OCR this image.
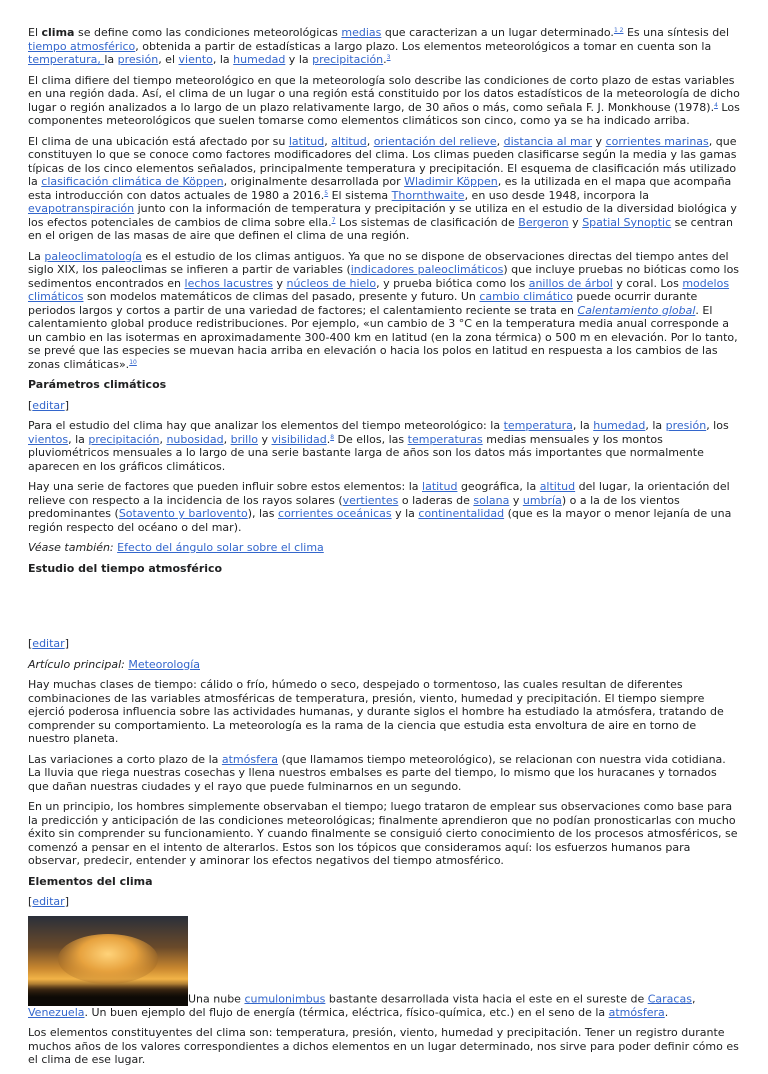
El clima se define como las condiciones meteorológicas medias que caracterizan a un lugar determinado.$^{1 2}$ Es una síntesis del tiempo atmosférico, obtenida a partir de estadísticas a largo plazo. Los elementos meteorológicos a tomar en cuenta son la temperatura, la presión, el viento, la humedad y la precipitación.$^3$

El clima difiere del tiempo meteorológico en que la meteorología solo describe las condiciones de corto plazo de estas variables en una región dada. Así, el clima de un lugar o una región está constituido por los datos estadísticos de la meteorología de dicho lugar o región analizados a lo largo de un plazo relativamente largo, de 30 años o más, como señala F. J. Monkhouse (1978).$^4$ Los componentes meteorológicos que suelen tomarse como elementos climáticos son cinco, como ya se ha indicado arriba.

El clima de una ubicación está afectado por su latitud, altitud, orientación del relieve, distancia al mar y corrientes marinas, que constituyen lo que se conoce como factores modificadores del clima. Los climas pueden clasificarse según la media y las gamas típicas de los cinco elementos señalados, principalmente temperatura y precipitación. El esquema de clasificación más utilizado la clasificación climática de Köppen, originalmente desarrollada por Wladimir Köppen, es la utilizada en el mapa que acompaña esta introducción con datos actuales de 1980 a 2016.$^5$ El sistema Thornthwaite, en uso desde 1948, incorpora la evapotranspiración junto con la información de temperatura y precipitación y se utiliza en el estudio de la diversidad biológica y los efectos potenciales de cambios de clima sobre ella.$^7$ Los sistemas de clasificación de Bergeron y Spatial Synoptic se centran en el origen de las masas de aire que definen el clima de una región.

La paleoclimatología es el estudio de los climas antiguos. Ya que no se dispone de observaciones directas del tiempo antes del siglo XIX, los paleoclimas se infieren a partir de variables (indicadores paleoclimáticos) que incluye pruebas no bióticas como los sedimentos encontrados en lechos lacustres y núcleos de hielo, y prueba biótica como los anillos de árbol y coral. Los modelos climáticos son modelos matemáticos de climas del pasado, presente y futuro. Un cambio climático puede ocurrir durante periodos largos y cortos a partir de una variedad de factores; el calentamiento reciente se trata en Calentamiento global. El calentamiento global produce redistribuciones. Por ejemplo, «un cambio de 3 °C en la temperatura media anual corresponde a un cambio en las isotermas en aproximadamente 300-400 km en latitud (en la zona térmica) o 500 m en elevación. Por lo tanto, se prevé que las especies se muevan hacia arriba en elevación o hacia los polos en latitud en respuesta a los cambios de las zonas climáticas».$^{10}$

Parámetros climáticos
[editar]

Para el estudio del clima hay que analizar los elementos del tiempo meteorológico: la temperatura, la humedad, la presión, los vientos, la precipitación, nubosidad, brillo y visibilidad.$^8$ De ellos, las temperaturas medias mensuales y los montos pluviométricos mensuales a lo largo de una serie bastante larga de años son los datos más importantes que normalmente aparecen en los gráficos climáticos.

Hay una serie de factores que pueden influir sobre estos elementos: la latitud geográfica, la altitud del lugar, la orientación del relieve con respecto a la incidencia de los rayos solares (vertientes o laderas de solana y umbría) o a la de los vientos predominantes (Sotavento y barlovento), las corrientes oceánicas y la continentalidad (que es la mayor o menor lejanía de una región respecto del océano o del mar).

Véase también: Efecto del ángulo solar sobre el clima

Estudio del tiempo atmosférico
[editar]

Artículo principal: Meteorología

Hay muchas clases de tiempo: cálido o frío, húmedo o seco, despejado o tormentoso, las cuales resultan de diferentes combinaciones de las variables atmosféricas de temperatura, presión, viento, humedad y precipitación. El tiempo siempre ejerció poderosa influencia sobre las actividades humanas, y durante siglos el hombre ha estudiado la atmósfera, tratando de comprender su comportamiento. La meteorología es la rama de la ciencia que estudia esta envoltura de aire en torno de nuestro planeta.

Las variaciones a corto plazo de la atmósfera (que llamamos tiempo meteorológico), se relacionan con nuestra vida cotidiana. La lluvia que riega nuestras cosechas y llena nuestros embalses es parte del tiempo, lo mismo que los huracanes y tornados que dañan nuestras ciudades y el rayo que puede fulminarnos en un segundo.

En un principio, los hombres simplemente observaban el tiempo; luego trataron de emplear sus observaciones como base para la predicción y anticipación de las condiciones meteorológicas; finalmente aprendieron que no podían pronosticarlas con mucho éxito sin comprender su funcionamiento. Y cuando finalmente se consiguió cierto conocimiento de los procesos atmosféricos, se comenzó a pensar en el intento de alterarlos. Estos son los tópicos que consideramos aquí: los esfuerzos humanos para observar, predecir, entender y aminorar los efectos negativos del tiempo atmosférico.

Elementos del clima
[editar]
Una nube cumulonimbus bastante desarrollada vista hacia el este en el sureste de Caracas, Venezuela. Un buen ejemplo del flujo de energía (térmica, eléctrica, físico-química, etc.) en el seno de la atmósfera.

Los elementos constituyentes del clima son: temperatura, presión, viento, humedad y precipitación. Tener un registro durante muchos años de los valores correspondientes a dichos elementos en un lugar determinado, nos sirve para poder definir cómo es el clima de ese lugar.
